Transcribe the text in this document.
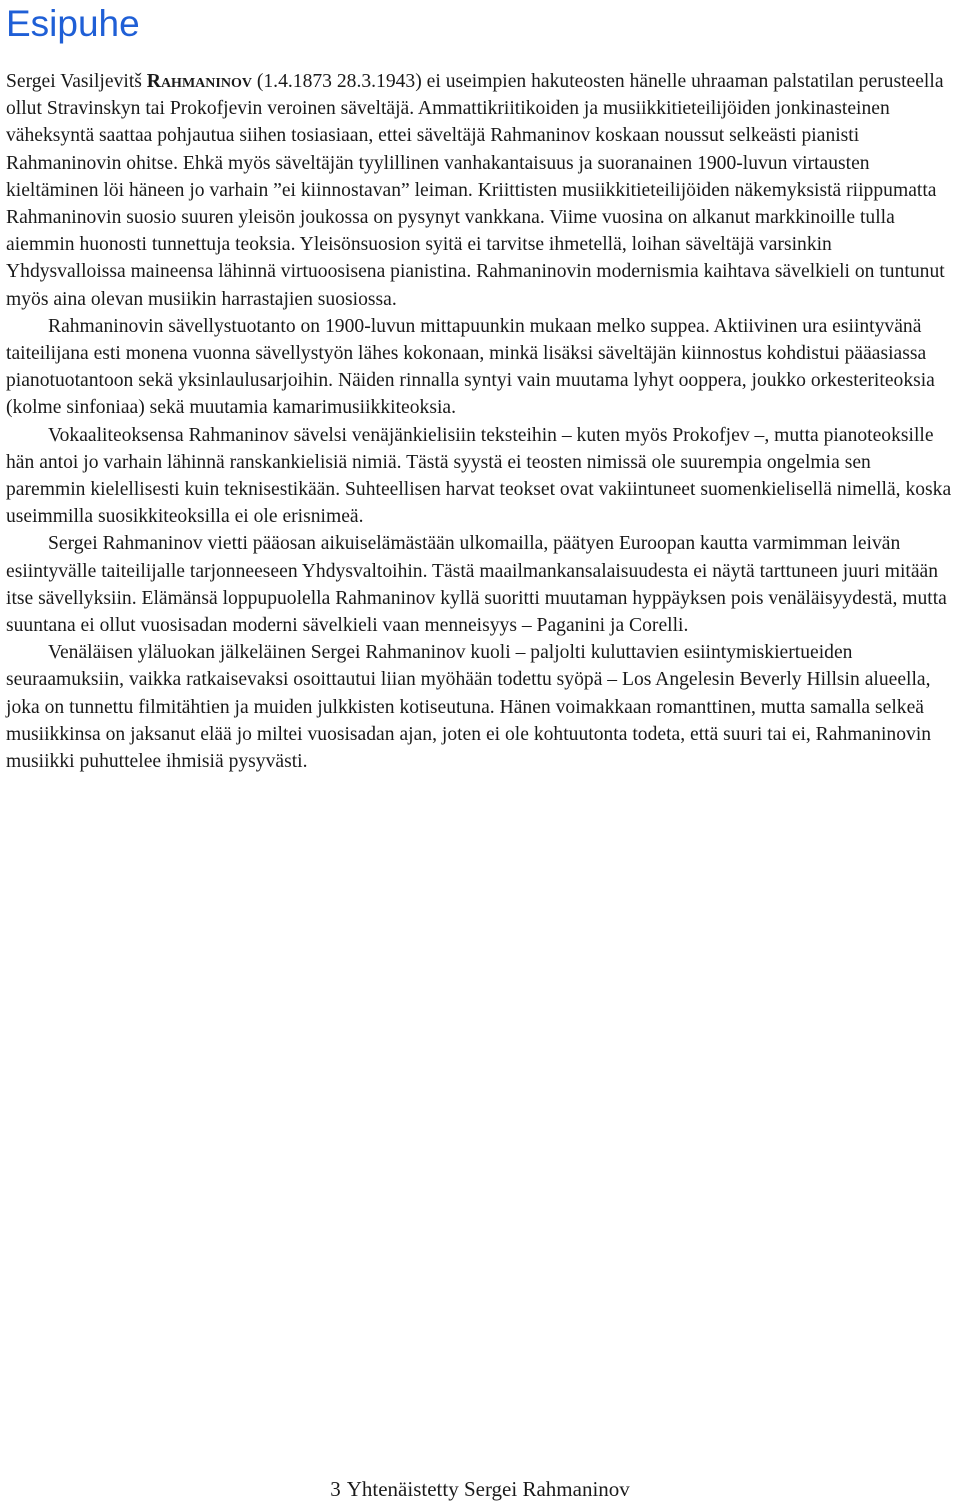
Esipuhe

Sergei Vasiljevitš Rahmaninov (1.4.1873 28.3.1943) ei useimpien hakuteosten hänelle uhraaman palstatilan perusteella ollut Stravinskyn tai Prokofjevin veroinen säveltäjä. Ammattikriitikoiden ja musiikkitieteilijöiden jonkinasteinen väheksyntä saattaa pohjautua siihen tosiasiaan, ettei säveltäjä Rahmaninov koskaan noussut selkeästi pianisti Rahmaninovin ohitse. Ehkä myös säveltäjän tyylillinen vanhakantaisuus ja suoranainen 1900-luvun virtausten kieltäminen löi häneen jo varhain ”ei kiinnostavan” leiman. Kriittisten musiikkitieteilijöiden näkemyksistä riippumatta Rahmaninovin suosio suuren yleisön joukossa on pysynyt vankkana. Viime vuosina on alkanut markkinoille tulla aiemmin huonosti tunnettuja teoksia. Yleisönsuosion syitä ei tarvitse ihmetellä, loihan säveltäjä varsinkin Yhdysvalloissa maineensa lähinnä virtuoosisena pianistina. Rahmaninovin modernismia kaihtava sävelkieli on tuntunut myös aina olevan musiikin harrastajien suosiossa.

Rahmaninovin sävellystuotanto on 1900-luvun mittapuunkin mukaan melko suppea. Aktiivinen ura esiintyvänä taiteilijana esti monena vuonna sävellystyön lähes kokonaan, minkä lisäksi säveltäjän kiinnostus kohdistui pääasiassa pianotuotantoon sekä yksinlaulusarjoihin. Näiden rinnalla syntyi vain muutama lyhyt ooppera, joukko orkesteriteoksia (kolme sinfoniaa) sekä muutamia kamarimusiikkiteoksia.

Vokaaliteoksensa Rahmaninov sävelsi venäjänkielisiin teksteihin – kuten myös Prokofjev –, mutta pianoteoksille hän antoi jo varhain lähinnä ranskankielisiä nimiä. Tästä syystä ei teosten nimissä ole suurempia ongelmia sen paremmin kielellisesti kuin teknisestikään. Suhteellisen harvat teokset ovat vakiintuneet suomenkielisellä nimellä, koska useimmilla suosikkiteoksilla ei ole erisnimeä.

Sergei Rahmaninov vietti pääosan aikuiselämästään ulkomailla, päätyen Euroopan kautta varmimman leivän esiintyvälle taiteilijalle tarjonneeseen Yhdysvaltoihin. Tästä maailmankansalaisuudesta ei näytä tarttuneen juuri mitään itse sävellyksiin. Elämänsä loppupuolella Rahmaninov kyllä suoritti muutaman hyppäyksen pois venäläisyydestä, mutta suuntana ei ollut vuosisadan moderni sävelkieli vaan menneisyys – Paganini ja Corelli.

Venäläisen yläluokan jälkeläinen Sergei Rahmaninov kuoli – paljolti kuluttavien esiintymiskiertueiden seuraamuksiin, vaikka ratkaisevaksi osoittautui liian myöhään todettu syöpä – Los Angelesin Beverly Hillsin alueella, joka on tunnettu filmitähtien ja muiden julkkisten kotiseutuna. Hänen voimakkaan romanttinen, mutta samalla selkeä musiikkinsa on jaksanut elää jo miltei vuosisadan ajan, joten ei ole kohtuutonta todeta, että suuri tai ei, Rahmaninovin musiikki puhuttelee ihmisiä pysyvästi.

3 Yhtenäistetty Sergei Rahmaninov
